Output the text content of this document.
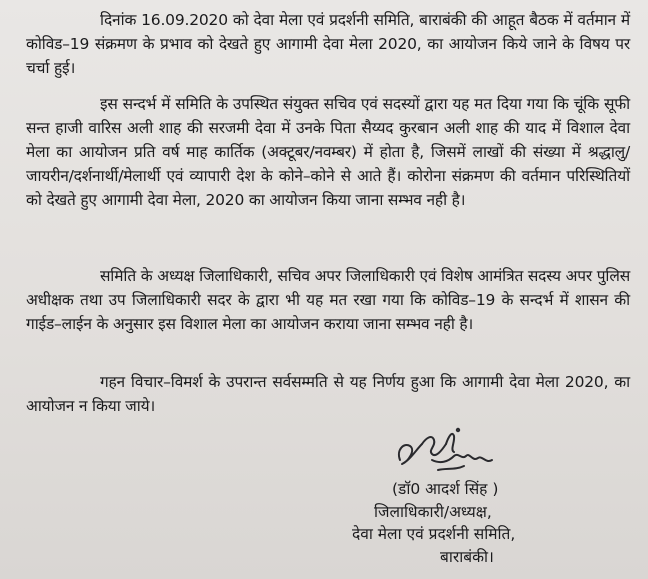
दिनांक 16.09.2020 को देवा मेला एवं प्रदर्शनी समिति, बाराबंकी की आहूत बैठक में वर्तमान में कोविड–19 संक्रमण के प्रभाव को देखते हुए आगामी देवा मेला 2020, का आयोजन किये जाने के विषय पर चर्चा हुई।

इस सन्दर्भ में समिति के उपस्थित संयुक्त सचिव एवं सदस्यों द्वारा यह मत दिया गया कि चूंकि सूफी सन्त हाजी वारिस अली शाह की सरजमी देवा में उनके पिता सैय्यद कुरबान अली शाह की याद में विशाल देवा मेला का आयोजन प्रति वर्ष माह कार्तिक (अक्टूबर/नवम्बर) में होता है, जिसमें लाखों की संख्या में श्रद्धालु/जायरीन/दर्शनार्थी/मेलार्थी एवं व्यापारी देश के कोने–कोने से आते हैं। कोरोना संक्रमण की वर्तमान परिस्थितियों को देखते हुए आगामी देवा मेला, 2020 का आयोजन किया जाना सम्भव नही है।

समिति के अध्यक्ष जिलाधिकारी, सचिव अपर जिलाधिकारी एवं विशेष आमंत्रित सदस्य अपर पुलिस अधीक्षक तथा उप जिलाधिकारी सदर के द्वारा भी यह मत रखा गया कि कोविड–19 के सन्दर्भ में शासन की गाईड–लाईन के अनुसार इस विशाल मेला का आयोजन कराया जाना सम्भव नही है।

गहन विचार–विमर्श के उपरान्त सर्वसम्मति से यह निर्णय हुआ कि आगामी देवा मेला 2020, का आयोजन न किया जाये।

(डॉ0 आदर्श सिंह )
जिलाधिकारी/अध्यक्ष,
देवा मेला एवं प्रदर्शनी समिति,
बाराबंकी।
